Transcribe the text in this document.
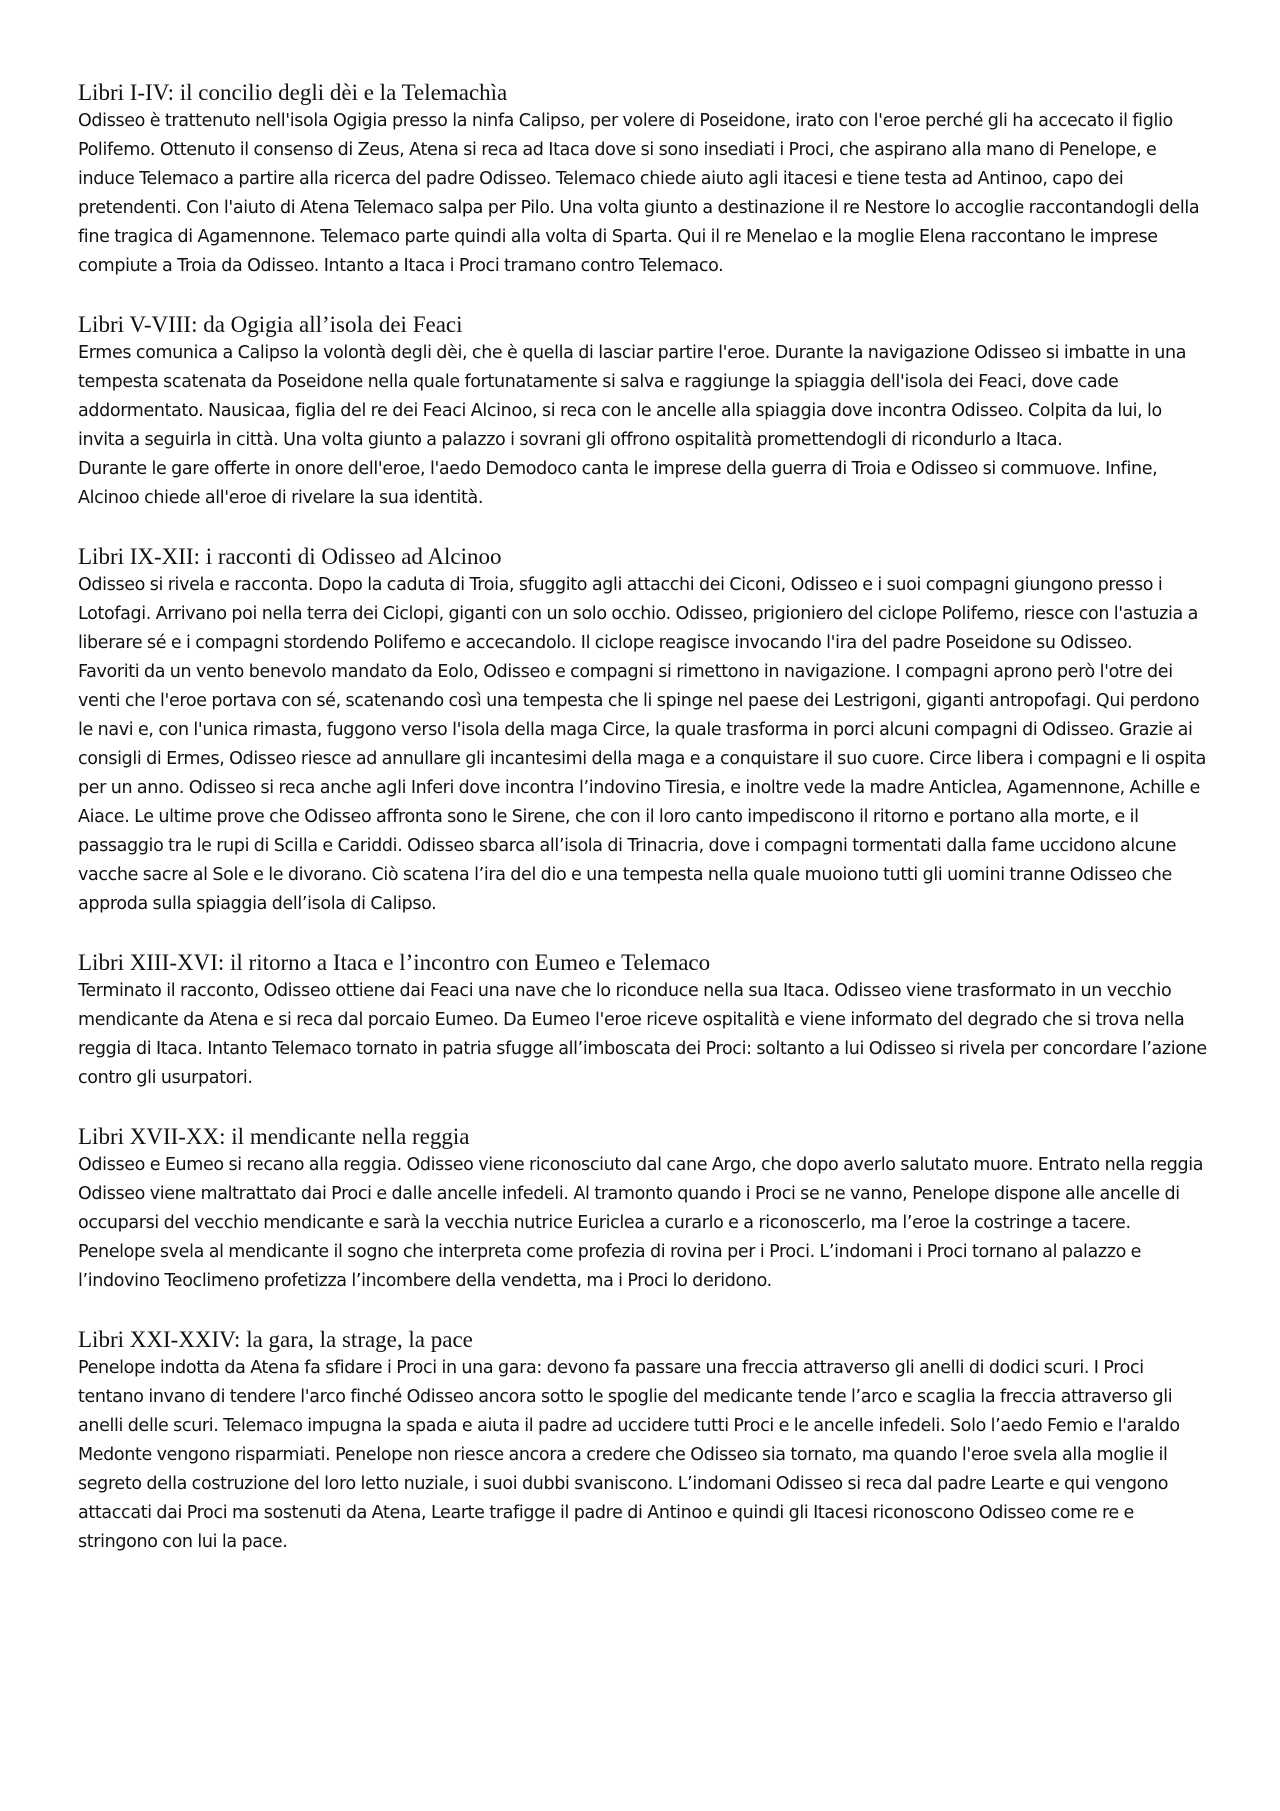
Libri I-IV: il concilio degli dèi e la Telemachìa

Odisseo è trattenuto nell'isola Ogigia presso la ninfa Calipso, per volere di Poseidone, irato con l'eroe perché gli ha accecato il figlio Polifemo. Ottenuto il consenso di Zeus, Atena si reca ad Itaca dove si sono insediati i Proci, che aspirano alla mano di Penelope, e induce Telemaco a partire alla ricerca del padre Odisseo. Telemaco chiede aiuto agli itacesi e tiene testa ad Antinoo, capo dei pretendenti. Con l'aiuto di Atena Telemaco salpa per Pilo. Una volta giunto a destinazione il re Nestore lo accoglie raccontandogli della fine tragica di Agamennone. Telemaco parte quindi alla volta di Sparta. Qui il re Menelao e la moglie Elena raccontano le imprese compiute a Troia da Odisseo. Intanto a Itaca i Proci tramano contro Telemaco.

Libri V-VIII: da Ogigia all’isola dei Feaci

Ermes comunica a Calipso la volontà degli dèi, che è quella di lasciar partire l'eroe. Durante la navigazione Odisseo si imbatte in una tempesta scatenata da Poseidone nella quale fortunatamente si salva e raggiunge la spiaggia dell'isola dei Feaci, dove cade addormentato. Nausicaa, figlia del re dei Feaci Alcinoo, si reca con le ancelle alla spiaggia dove incontra Odisseo. Colpita da lui, lo invita a seguirla in città. Una volta giunto a palazzo i sovrani gli offrono ospitalità promettendogli di ricondurlo a Itaca.

Durante le gare offerte in onore dell'eroe, l'aedo Demodoco canta le imprese della guerra di Troia e Odisseo si commuove. Infine, Alcinoo chiede all'eroe di rivelare la sua identità.

Libri IX-XII: i racconti di Odisseo ad Alcinoo

Odisseo si rivela e racconta. Dopo la caduta di Troia, sfuggito agli attacchi dei Ciconi, Odisseo e i suoi compagni giungono presso i Lotofagi. Arrivano poi nella terra dei Ciclopi, giganti con un solo occhio. Odisseo, prigioniero del ciclope Polifemo, riesce con l'astuzia a liberare sé e i compagni stordendo Polifemo e accecandolo. Il ciclope reagisce invocando l'ira del padre Poseidone su Odisseo.

Favoriti da un vento benevolo mandato da Eolo, Odisseo e compagni si rimettono in navigazione. I compagni aprono però l'otre dei venti che l'eroe portava con sé, scatenando così una tempesta che li spinge nel paese dei Lestrigoni, giganti antropofagi. Qui perdono le navi e, con l'unica rimasta, fuggono verso l'isola della maga Circe, la quale trasforma in porci alcuni compagni di Odisseo. Grazie ai consigli di Ermes, Odisseo riesce ad annullare gli incantesimi della maga e a conquistare il suo cuore. Circe libera i compagni e li ospita per un anno. Odisseo si reca anche agli Inferi dove incontra l’indovino Tiresia, e inoltre vede la madre Anticlea, Agamennone, Achille e Aiace. Le ultime prove che Odisseo affronta sono le Sirene, che con il loro canto impediscono il ritorno e portano alla morte, e il passaggio tra le rupi di Scilla e Cariddi. Odisseo sbarca all’isola di Trinacria, dove i compagni tormentati dalla fame uccidono alcune vacche sacre al Sole e le divorano. Ciò scatena l’ira del dio e una tempesta nella quale muoiono tutti gli uomini tranne Odisseo che approda sulla spiaggia dell’isola di Calipso.

Libri XIII-XVI: il ritorno a Itaca e l’incontro con Eumeo e Telemaco

Terminato il racconto, Odisseo ottiene dai Feaci una nave che lo riconduce nella sua Itaca. Odisseo viene trasformato in un vecchio mendicante da Atena e si reca dal porcaio Eumeo. Da Eumeo l'eroe riceve ospitalità e viene informato del degrado che si trova nella reggia di Itaca. Intanto Telemaco tornato in patria sfugge all’imboscata dei Proci: soltanto a lui Odisseo si rivela per concordare l’azione contro gli usurpatori.

Libri XVII-XX: il mendicante nella reggia

Odisseo e Eumeo si recano alla reggia. Odisseo viene riconosciuto dal cane Argo, che dopo averlo salutato muore. Entrato nella reggia Odisseo viene maltrattato dai Proci e dalle ancelle infedeli. Al tramonto quando i Proci se ne vanno, Penelope dispone alle ancelle di occuparsi del vecchio mendicante e sarà la vecchia nutrice Euriclea a curarlo e a riconoscerlo, ma l’eroe la costringe a tacere. Penelope svela al mendicante il sogno che interpreta come profezia di rovina per i Proci. L’indomani i Proci tornano al palazzo e l’indovino Teoclimeno profetizza l’incombere della vendetta, ma i Proci lo deridono.

Libri XXI-XXIV: la gara, la strage, la pace

Penelope indotta da Atena fa sfidare i Proci in una gara: devono fa passare una freccia attraverso gli anelli di dodici scuri. I Proci tentano invano di tendere l'arco finché Odisseo ancora sotto le spoglie del medicante tende l’arco e scaglia la freccia attraverso gli anelli delle scuri. Telemaco impugna la spada e aiuta il padre ad uccidere tutti Proci e le ancelle infedeli. Solo l’aedo Femio e l'araldo Medonte vengono risparmiati. Penelope non riesce ancora a credere che Odisseo sia tornato, ma quando l'eroe svela alla moglie il segreto della costruzione del loro letto nuziale, i suoi dubbi svaniscono. L’indomani Odisseo si reca dal padre Learte e qui vengono attaccati dai Proci ma sostenuti da Atena, Learte trafigge il padre di Antinoo e quindi gli Itacesi riconoscono Odisseo come re e stringono con lui la pace.
